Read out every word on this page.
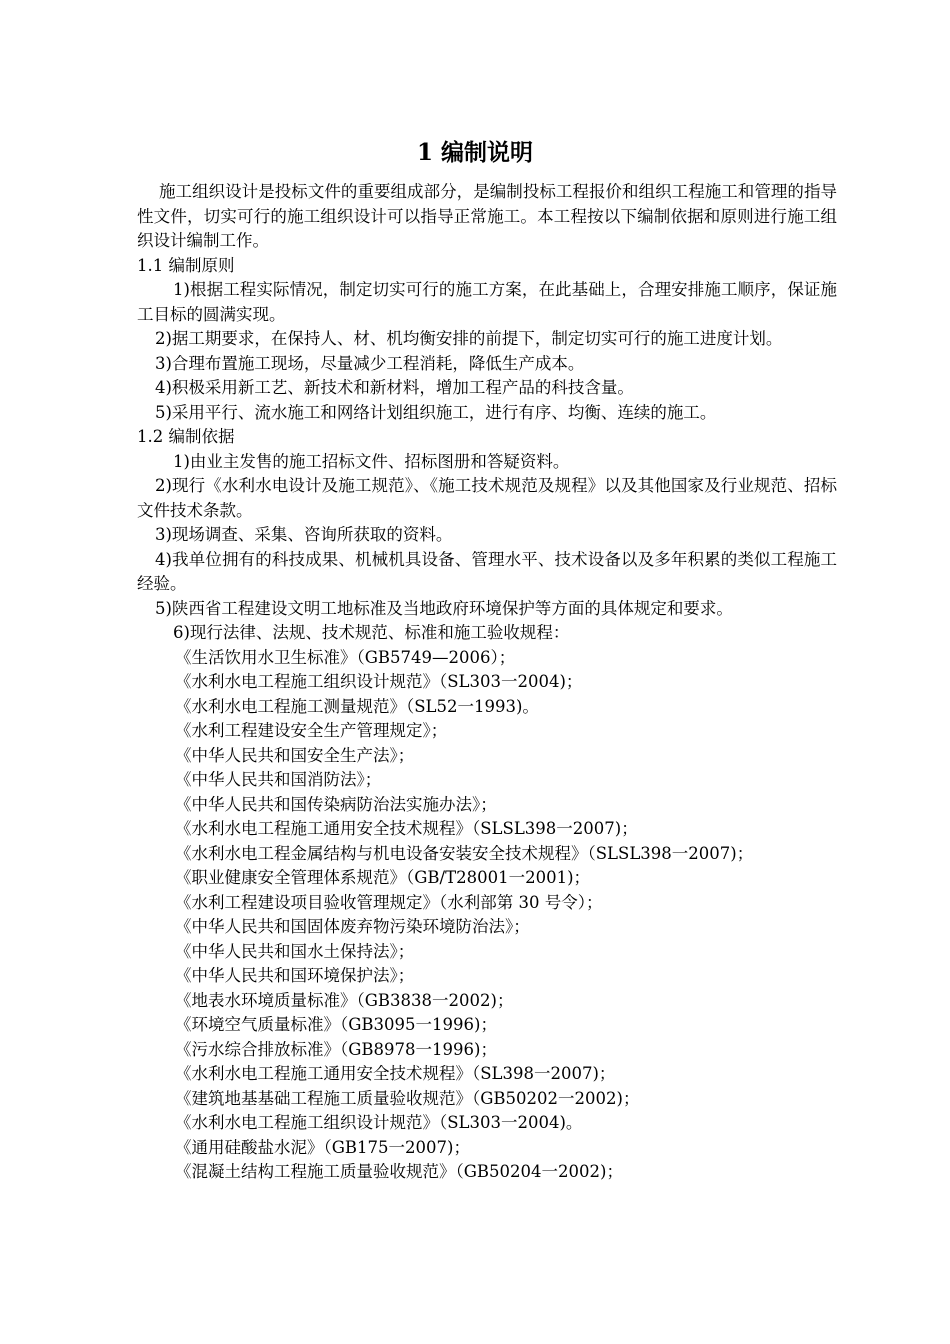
1 编制说明

施工组织设计是投标文件的重要组成部分，是编制投标工程报价和组织工程施工和管理的指导性文件，切实可行的施工组织设计可以指导正常施工。本工程按以下编制依据和原则进行施工组织设计编制工作。

1.1 编制原则

1)根据工程实际情况，制定切实可行的施工方案，在此基础上，合理安排施工顺序，保证施工目标的圆满实现。

2)据工期要求，在保持人、材、机均衡安排的前提下，制定切实可行的施工进度计划。

3)合理布置施工现场，尽量减少工程消耗，降低生产成本。

4)积极采用新工艺、新技术和新材料，增加工程产品的科技含量。

5)采用平行、流水施工和网络计划组织施工，进行有序、均衡、连续的施工。

1.2 编制依据

1)由业主发售的施工招标文件、招标图册和答疑资料。

2)现行《水利水电设计及施工规范》、《施工技术规范及规程》以及其他国家及行业规范、招标文件技术条款。

3)现场调查、采集、咨询所获取的资料。

4)我单位拥有的科技成果、机械机具设备、管理水平、技术设备以及多年积累的类似工程施工经验。

5)陕西省工程建设文明工地标准及当地政府环境保护等方面的具体规定和要求。

6)现行法律、法规、技术规范、标准和施工验收规程：

《生活饮用水卫生标准》（GB5749—2006）；

《水利水电工程施工组织设计规范》（SL303一2004)；

《水利水电工程施工测量规范》（SL52一1993)。

《水利工程建设安全生产管理规定》；

《中华人民共和国安全生产法》；

《中华人民共和国消防法》；

《中华人民共和国传染病防治法实施办法》；

《水利水电工程施工通用安全技术规程》（SLSL398一2007)；

《水利水电工程金属结构与机电设备安装安全技术规程》（SLSL398一2007)；

《职业健康安全管理体系规范》（GB/T28001一2001)；

《水利工程建设项目验收管理规定》（水利部第 30 号令）；

《中华人民共和国固体废弃物污染环境防治法》；

《中华人民共和国水土保持法》；

《中华人民共和国环境保护法》；

《地表水环境质量标准》（GB3838一2002)；

《环境空气质量标准》（GB3095一1996)；

《污水综合排放标准》（GB8978一1996)；

《水利水电工程施工通用安全技术规程》（SL398一2007)；

《建筑地基基础工程施工质量验收规范》（GB50202一2002)；

《水利水电工程施工组织设计规范》（SL303一2004)。

《通用硅酸盐水泥》（GB175一2007)；

《混凝土结构工程施工质量验收规范》（GB50204一2002)；
